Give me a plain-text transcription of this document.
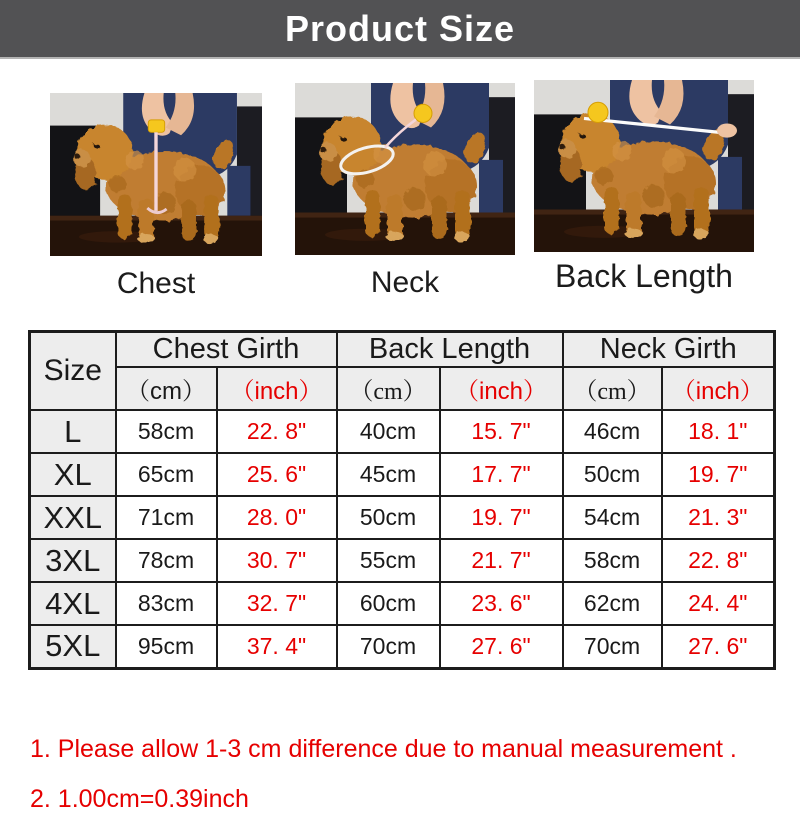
Product Size
Chest	Neck	Back Length
Size	Chest Girth		Back Length		Neck Girth	
	（cm）	（inch）	（cm）	（inch）	（cm）	（inch）
L	58cm	22. 8"	40cm	15. 7"	46cm	18. 1"
XL	65cm	25. 6"	45cm	17. 7"	50cm	19. 7"
XXL	71cm	28. 0"	50cm	19. 7"	54cm	21. 3"
3XL	78cm	30. 7"	55cm	21. 7"	58cm	22. 8"
4XL	83cm	32. 7"	60cm	23. 6"	62cm	24. 4"
5XL	95cm	37. 4"	70cm	27. 6"	70cm	27. 6"

1. Please allow 1-3 cm difference due to manual measurement .

2. 1.00cm=0.39inch
